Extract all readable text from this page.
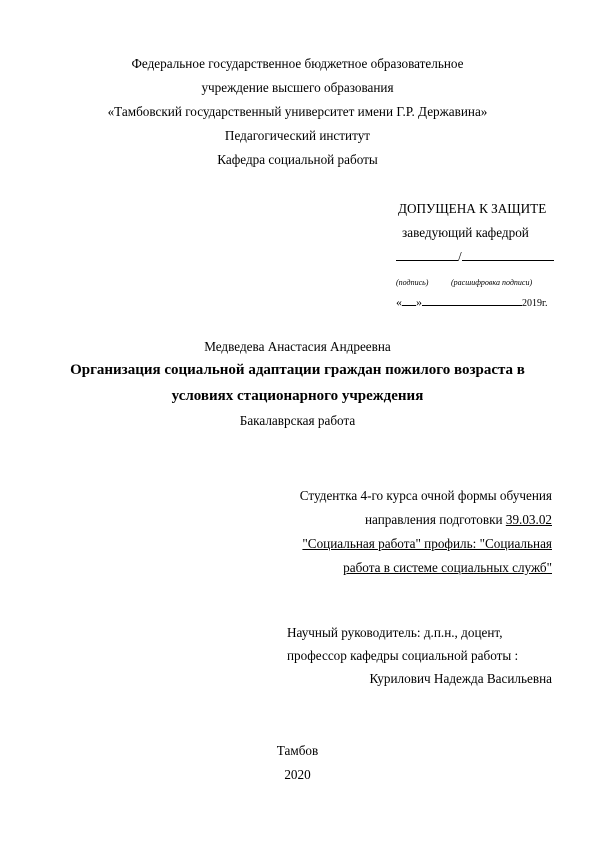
Федеральное государственное бюджетное образовательное
учреждение высшего образования
«Тамбовский государственный университет имени Г.Р. Державина»
Педагогический институт
Кафедра социальной работы
ДОПУЩЕНА К ЗАЩИТЕ
заведующий кафедрой
/
(подпись)	(расшифровка подписи)
« »	2019г.
Медведева Анастасия Андреевна
Организация социальной адаптации граждан пожилого возраста в
условиях стационарного учреждения
Бакалаврская работа
Студентка 4-го курса очной формы обучения
направления подготовки 39.03.02
"Социальная работа" профиль: "Социальная
работа в системе социальных служб"
Научный руководитель: д.п.н., доцент,
профессор кафедры социальной работы :
Курилович Надежда Васильевна
Тамбов
2020
